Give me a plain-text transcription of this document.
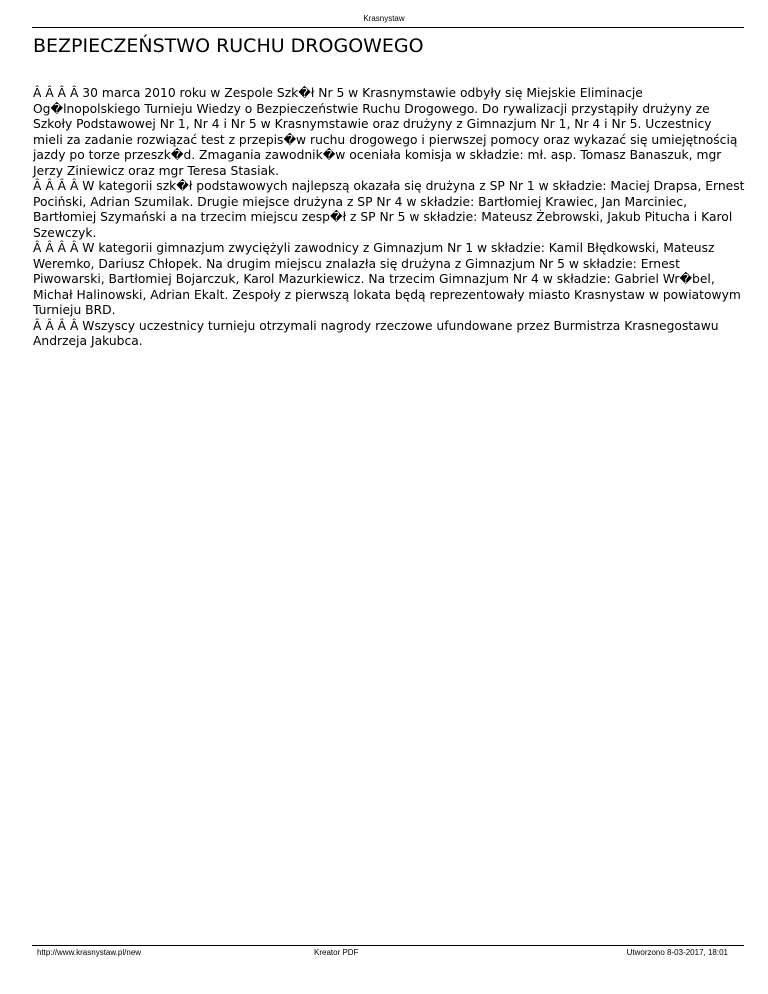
Krasnystaw
BEZPIECZEŃSTWO RUCHU DROGOWEGO

Â Â Â Â 30 marca 2010 roku w Zespole Szk�ł Nr 5 w Krasnymstawie odbyły się Miejskie Eliminacje Og�lnopolskiego Turnieju Wiedzy o Bezpieczeństwie Ruchu Drogowego. Do rywalizacji przystąpiły drużyny ze Szkoły Podstawowej Nr 1, Nr 4 i Nr 5 w Krasnymstawie oraz drużyny z Gimnazjum Nr 1, Nr 4 i Nr 5. Uczestnicy mieli za zadanie rozwiązać test z przepis�w ruchu drogowego i pierwszej pomocy oraz wykazać się umiejętnością jazdy po torze przeszk�d. Zmagania zawodnik�w oceniała komisja w składzie: mł. asp. Tomasz Banaszuk, mgr Jerzy Ziniewicz oraz mgr Teresa Stasiak.

Â Â Â Â W kategorii szk�ł podstawowych najlepszą okazała się drużyna z SP Nr 1 w składzie: Maciej Drapsa, Ernest Pociński, Adrian Szumilak. Drugie miejsce drużyna z SP Nr 4 w składzie: Bartłomiej Krawiec, Jan Marciniec, Bartłomiej Szymański a na trzecim miejscu zesp�ł z SP Nr 5 w składzie: Mateusz Żebrowski, Jakub Pitucha i Karol Szewczyk.

Â Â Â Â W kategorii gimnazjum zwyciężyli zawodnicy z Gimnazjum Nr 1 w składzie: Kamil Błędkowski, Mateusz Weremko, Dariusz Chłopek. Na drugim miejscu znalazła się drużyna z Gimnazjum Nr 5 w składzie: Ernest Piwowarski, Bartłomiej Bojarczuk, Karol Mazurkiewicz. Na trzecim Gimnazjum Nr 4 w składzie: Gabriel Wr�bel, Michał Halinowski, Adrian Ekalt. Zespoły z pierwszą lokata będą reprezentowały miasto Krasnystaw w powiatowym Turnieju BRD.

Â Â Â Â Wszyscy uczestnicy turnieju otrzymali nagrody rzeczowe ufundowane przez Burmistrza Krasnegostawu Andrzeja Jakubca.

http://www.krasnystaw.pl/new	Kreator PDF	Utworzono 8-03-2017, 18:01
